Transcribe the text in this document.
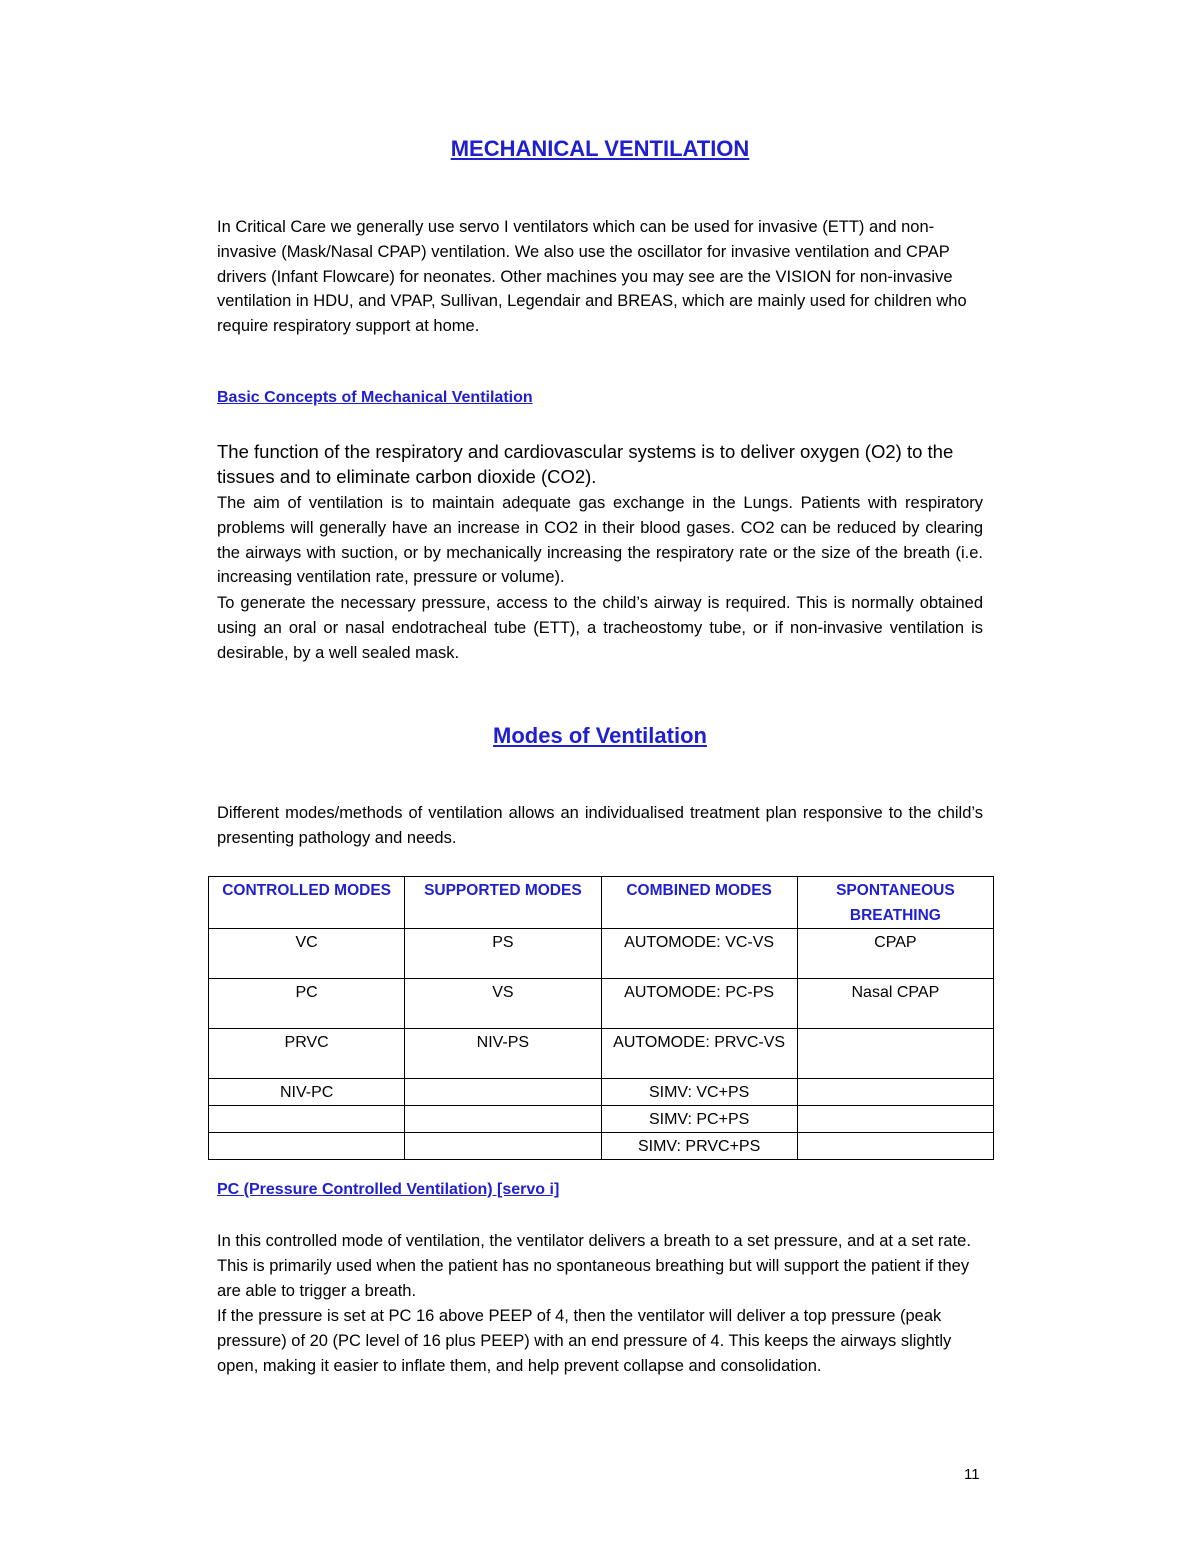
MECHANICAL VENTILATION

In Critical Care we generally use servo I ventilators which can be used for invasive (ETT) and non-invasive (Mask/Nasal CPAP) ventilation. We also use the oscillator for invasive ventilation and CPAP drivers (Infant Flowcare) for neonates. Other machines you may see are the VISION for non-invasive ventilation in HDU, and VPAP, Sullivan, Legendair and BREAS, which are mainly used for children who require respiratory support at home.

Basic Concepts of Mechanical Ventilation

The function of the respiratory and cardiovascular systems is to deliver oxygen (O2) to the tissues and to eliminate carbon dioxide (CO2).

The aim of ventilation is to maintain adequate gas exchange in the Lungs. Patients with respiratory problems will generally have an increase in CO2 in their blood gases. CO2 can be reduced by clearing the airways with suction, or by mechanically increasing the respiratory rate or the size of the breath (i.e. increasing ventilation rate, pressure or volume).

To generate the necessary pressure, access to the child’s airway is required. This is normally obtained using an oral or nasal endotracheal tube (ETT), a tracheostomy tube, or if non-invasive ventilation is desirable, by a well sealed mask.

Modes of Ventilation

Different modes/methods of ventilation allows an individualised treatment plan responsive to the child’s presenting pathology and needs.

CONTROLLED MODES	SUPPORTED MODES	COMBINED MODES	SPONTANEOUS BREATHING
VC	PS	AUTOMODE: VC-VS	CPAP
PC	VS	AUTOMODE: PC-PS	Nasal CPAP
PRVC	NIV-PS	AUTOMODE: PRVC-VS	
NIV-PC		SIMV: VC+PS	
		SIMV: PC+PS	
		SIMV: PRVC+PS	
PC (Pressure Controlled Ventilation) [servo i]

In this controlled mode of ventilation, the ventilator delivers a breath to a set pressure, and at a set rate. This is primarily used when the patient has no spontaneous breathing but will support the patient if they are able to trigger a breath.

If the pressure is set at PC 16 above PEEP of 4, then the ventilator will deliver a top pressure (peak pressure) of 20 (PC level of 16 plus PEEP) with an end pressure of 4. This keeps the airways slightly open, making it easier to inflate them, and help prevent collapse and consolidation.

11
